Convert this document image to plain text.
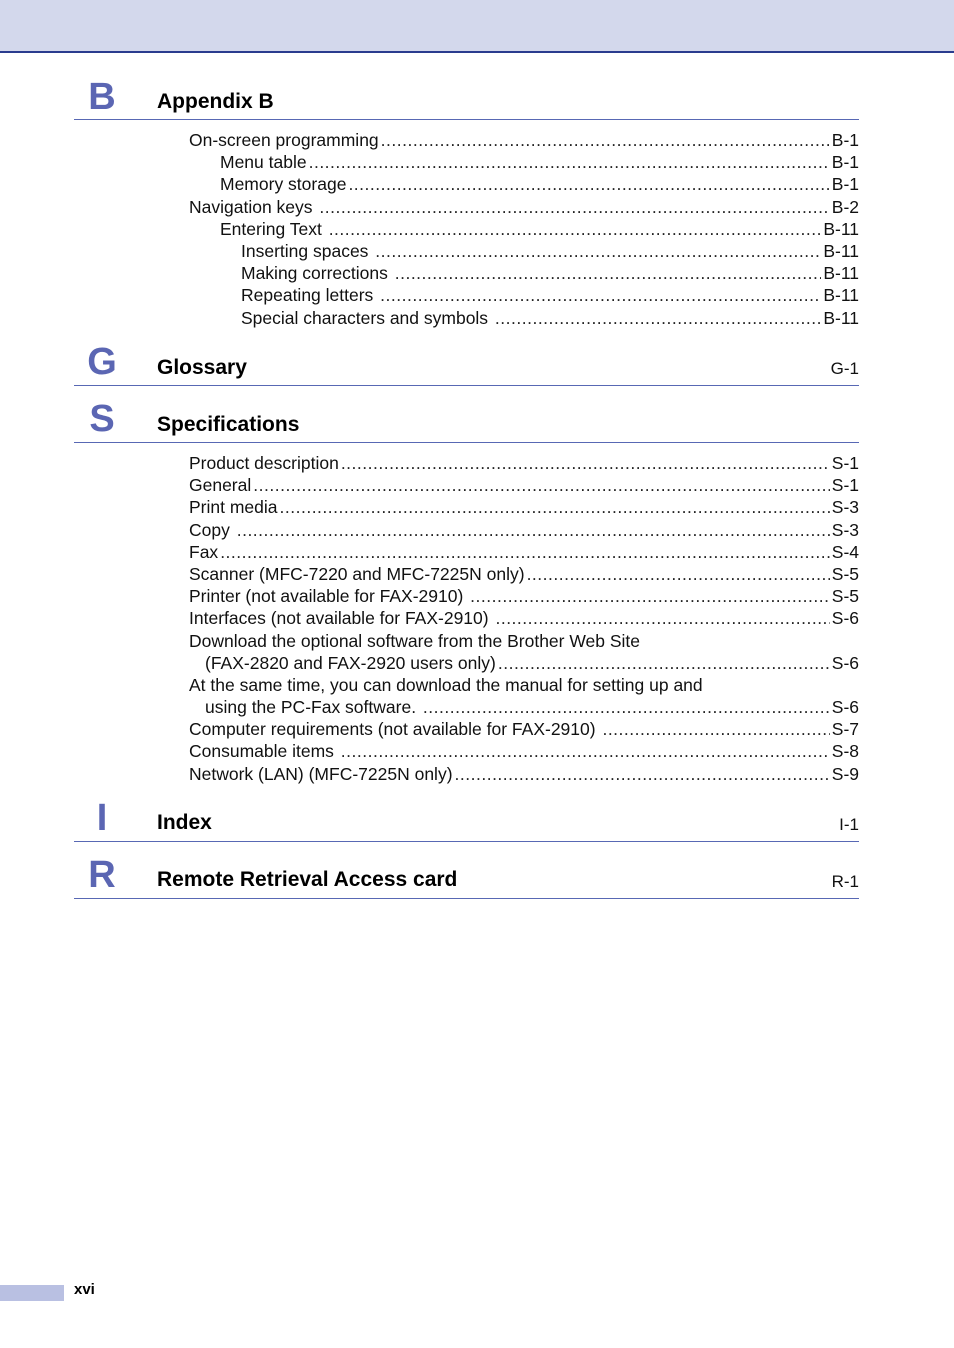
B	Appendix B
On-screen programming .....	B-1
Menu table .....	B-1
Memory storage .....	B-1
Navigation keys .....	B-2
Entering Text .....	B-11
Inserting spaces .....	B-11
Making corrections .....	B-11
Repeating letters .....	B-11
Special characters and symbols .....	B-11
G	Glossary	G-1
S	Specifications
Product description .....	S-1
General .....	S-1
Print media .....	S-3
Copy .....	S-3
Fax .....	S-4
Scanner (MFC-7220 and MFC-7225N only) .....	S-5
Printer (not available for FAX-2910) .....	S-5
Interfaces (not available for FAX-2910) .....	S-6
Download the optional software from the Brother Web Site
(FAX-2820 and FAX-2920 users only) .....	S-6
At the same time, you can download the manual for setting up and
using the PC-Fax software. .....	S-6
Computer requirements (not available for FAX-2910) .....	S-7
Consumable items .....	S-8
Network (LAN) (MFC-7225N only) .....	S-9
I	Index	I-1
R	Remote Retrieval Access card	R-1
xvi
